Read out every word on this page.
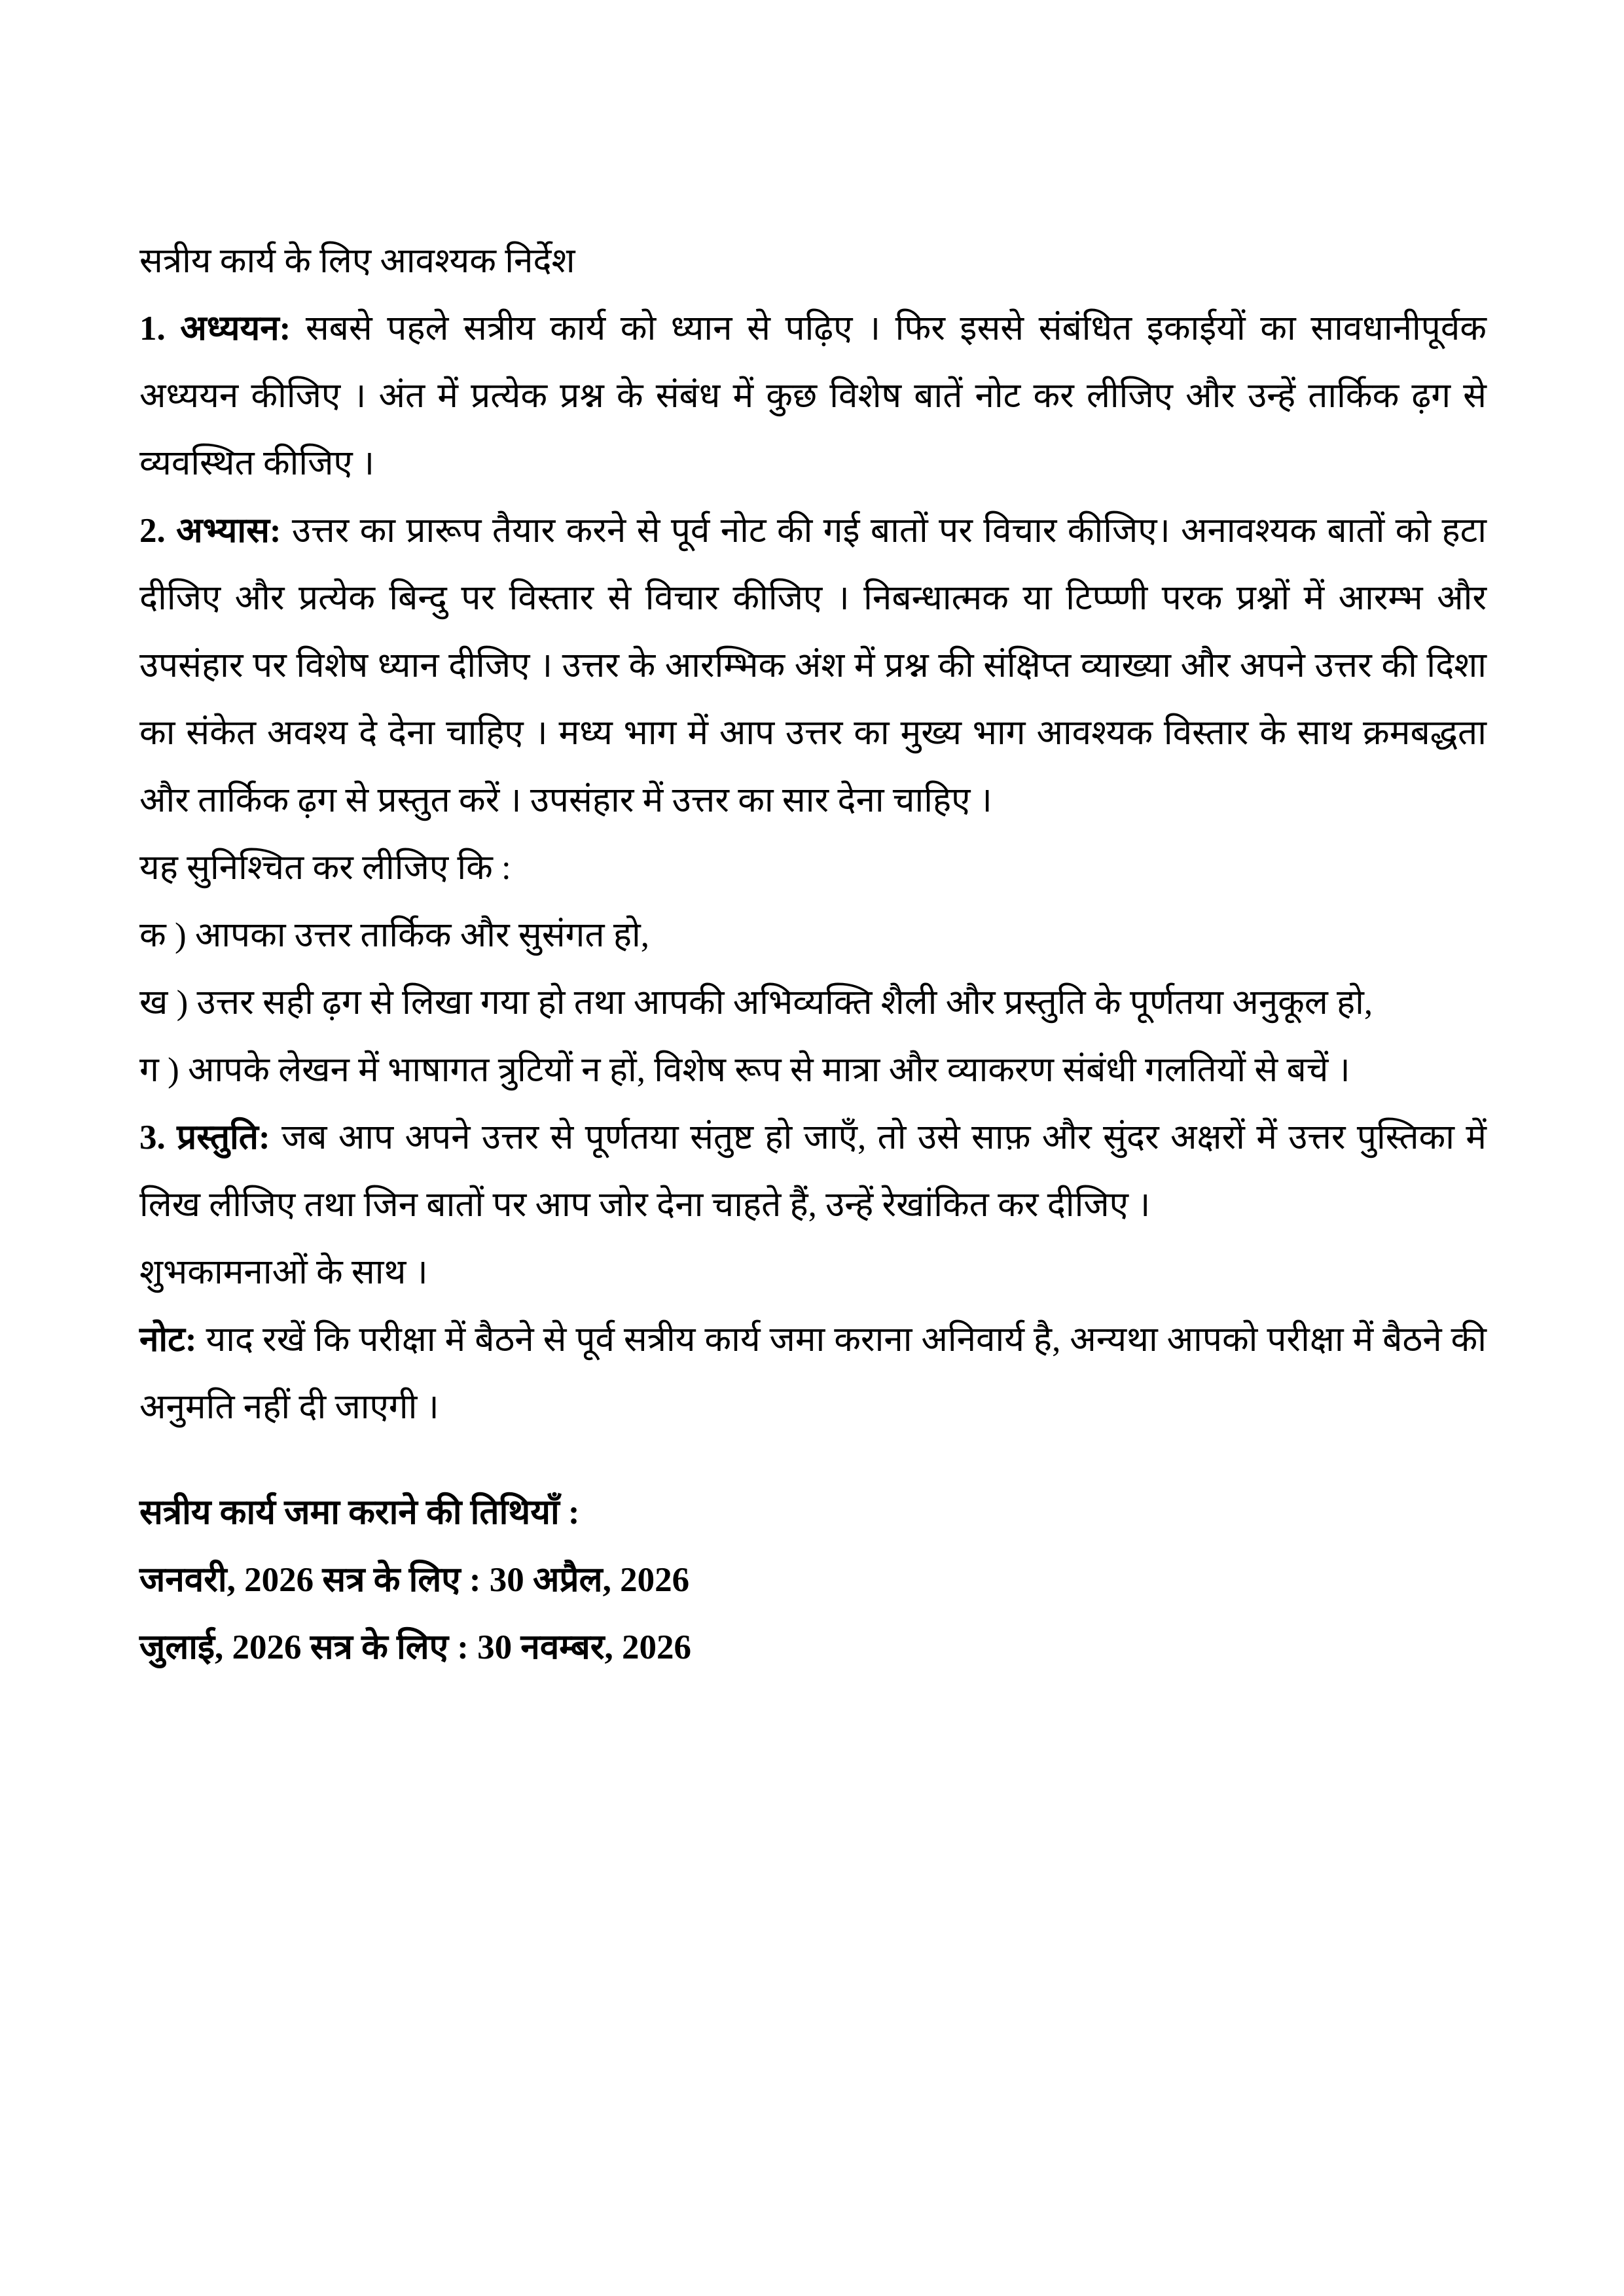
सत्रीय कार्य के लिए आवश्यक निर्देश

1. अध्ययन: सबसे पहले सत्रीय कार्य को ध्यान से पढ़िए । फिर इससे संबंधित इकाईयों का सावधानीपूर्वक अध्ययन कीजिए । अंत में प्रत्येक प्रश्न के संबंध में कुछ विशेष बातें नोट कर लीजिए और उन्हें तार्किक ढ़ग से व्यवस्थित कीजिए ।

2. अभ्यास: उत्तर का प्रारूप तैयार करने से पूर्व नोट की गई बातों पर विचार कीजिए। अनावश्यक बातों को हटा दीजिए और प्रत्येक बिन्दु पर विस्तार से विचार कीजिए । निबन्धात्मक या टिप्प्णी परक प्रश्नों में आरम्भ और उपसंहार पर विशेष ध्यान दीजिए । उत्तर के आरम्भिक अंश में प्रश्न की संक्षिप्त व्याख्या और अपने उत्तर की दिशा का संकेत अवश्य दे देना चाहिए । मध्य भाग में आप उत्तर का मुख्य भाग आवश्यक विस्तार के साथ क्रमबद्धता और तार्किक ढ़ग से प्रस्तुत करें । उपसंहार में उत्तर का सार देना चाहिए ।

यह सुनिश्चित कर लीजिए कि :

क ) आपका उत्तर तार्किक और सुसंगत हो,

ख ) उत्तर सही ढ़ग से लिखा गया हो तथा आपकी अभिव्यक्ति शैली और प्रस्तुति के पूर्णतया अनुकूल हो,

ग ) आपके लेखन में भाषागत त्रुटियों न हों, विशेष रूप से मात्रा और व्याकरण संबंधी गलतियों से बचें ।

3. प्रस्तुति: जब आप अपने उत्तर से पूर्णतया संतुष्ट हो जाएँ, तो उसे साफ़ और सुंदर अक्षरों में उत्तर पुस्तिका में लिख लीजिए तथा जिन बातों पर आप जोर देना चाहते हैं, उन्हें रेखांकित कर दीजिए ।

शुभकामनाओं के साथ ।

नोट: याद रखें कि परीक्षा में बैठने से पूर्व सत्रीय कार्य जमा कराना अनिवार्य है, अन्यथा आपको परीक्षा में बैठने की अनुमति नहीं दी जाएगी ।

सत्रीय कार्य जमा कराने की तिथियाँ :

जनवरी, 2026 सत्र के लिए : 30 अप्रैल, 2026

जुलाई, 2026 सत्र के लिए : 30 नवम्बर, 2026
